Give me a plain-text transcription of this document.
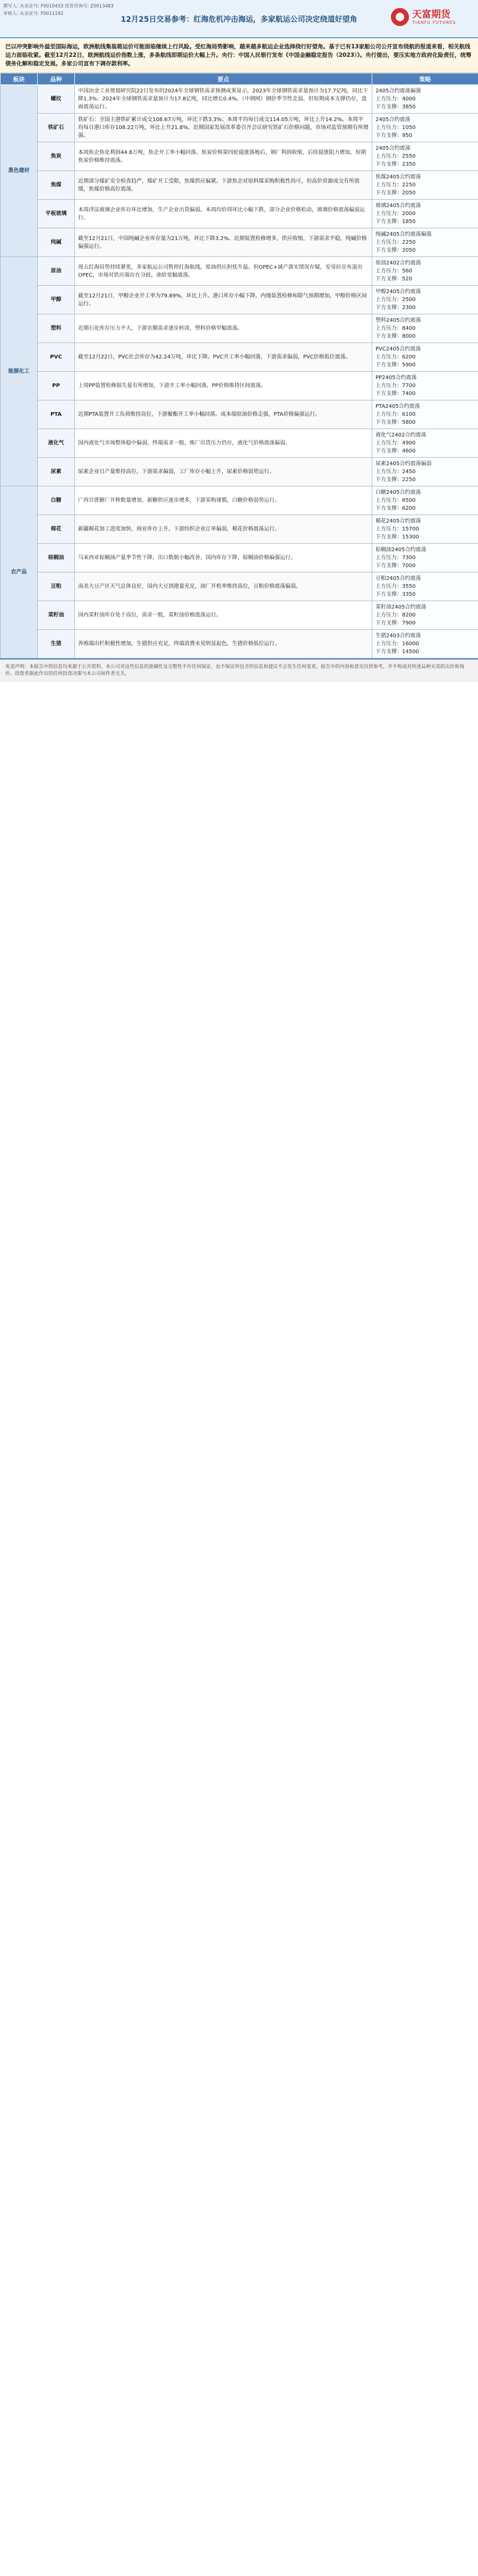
撰写人: 从业证号: F0010433 投资咨询号: Z0013483
审核人: 从业证号: F0011192
12月25日交易参考：红海危机冲击海运，多家航运公司决定绕道好望角	天富期货
TIANFU FUTURES
巴以冲突影响外溢至国际海运，欧洲航线集装箱运价可能面临继续上行风险。受红海局势影响，越来越多航运企业选择绕行好望角。基于已有13家船公司公开宣布绕航的报道来看，相关航线运力面临收紧。截至12月22日，欧洲航线运价指数上涨，多条航线即期运价大幅上升。央行：中国人民银行发布《中国金融稳定报告（2023）》。央行提出，要压实地方政府化险责任，统筹债务化解和稳定发展。多家公司宣布下调存款利率。
板块	品种	要点	策略
黑色建材	螺纹	中国冶金工业规划研究院22日发布的2024年全球钢铁需求预测成果显示，2023年全球钢铁需求量预计为17.7亿吨，同比下降1.3%；2024年全球钢铁需求量预计为17.8亿吨，同比增长0.4%。（中钢网）钢价季节性走弱，但短期成本支撑仍存，盘面震荡运行。	2405合约震荡偏强
上方压力：4000
下方支撑：3850
	铁矿石	铁矿石：全国主港铁矿累计成交108.67万吨，环比下跌3.3%；本周平均每日成交114.05万吨，环比上升14.2%。本周平均每日港口库存108.22万吨，环比上升21.8%。近期国家发展改革委召开会议研究铁矿石价格问题，市场对监管预期有所增强。	2405合约震荡
上方压力：1050
下方支撑：950
	焦炭	本周焦企焦化利润44.8万吨，焦企开工率小幅回落。焦炭价格第四轮提涨落地后，钢厂利润收缩，后续提涨阻力增加，短期焦炭价格维持震荡。	2405合约震荡
上方压力：2550
下方支撑：2350
	焦煤	近期部分煤矿安全检查趋严，煤矿开工受限，焦煤供应偏紧。下游焦企对原料煤采购积极性尚可，但高价资源成交有所放缓，焦煤价格高位震荡。	焦煤2405合约震荡
上方压力：2250
下方支撑：2050
	平板玻璃	本周浮法玻璃企业库存环比增加，生产企业出货偏弱。本周均价周环比小幅下跌，部分企业价格松动，玻璃价格震荡偏弱运行。	玻璃2405合约震荡
上方压力：2000
下方支撑：1850
	纯碱	截至12月21日，中国纯碱企业库存量为21万吨，环比下降3.2%。近期装置检修增多，供应收缩，下游需求平稳，纯碱价格偏强运行。	纯碱2405合约震荡偏强
上方压力：2250
下方支撑：2050
能源化工	原油	周五红海局势持续紧张，多家航运公司暂停红海航线，原油供应担忧升温。但OPEC+减产落实情况存疑，安哥拉宣布退出OPEC，市场对供应端存在分歧，油价宽幅震荡。	原油2402合约震荡
上方压力：560
下方支撑：520
	甲醇	截至12月21日，甲醇企业开工率为79.89%，环比上升。港口库存小幅下降，内地装置检修和限气预期增加，甲醇价格区间运行。	甲醇2405合约震荡
上方压力：2500
下方支撑：2300
	塑料	近期石化库存压力不大，下游农膜需求逐步转淡，塑料价格窄幅震荡。	塑料2405合约震荡
上方压力：8400
下方支撑：8000
	PVC	截至12月22日，PVC社会库存为42.24万吨，环比下降。PVC开工率小幅回落，下游需求偏弱，PVC价格低位震荡。	PVC2405合约震荡
上方压力：6200
下方支撑：5900
	PP	上周PP装置检修损失量有所增加，下游开工率小幅回落，PP价格维持区间震荡。	PP2405合约震荡
上方压力：7700
下方支撑：7400
	PTA	近期PTA装置开工负荷维持高位，下游聚酯开工率小幅回落。成本端原油价格走强，PTA价格偏强运行。	PTA2405合约震荡
上方压力：6100
下方支撑：5800
	液化气	国内液化气市场整体稳中偏弱，终端需求一般，炼厂出货压力仍存，液化气价格震荡偏弱。	液化气2402合约震荡
上方压力：4900
下方支撑：4600
	尿素	尿素企业日产量维持高位，下游需求偏弱，工厂库存小幅上升，尿素价格弱势运行。	尿素2405合约震荡偏弱
上方压力：2450
下方支撑：2250
农产品	白糖	广西甘蔗糖厂开榨数量增加，新糖供应逐步增多，下游采购谨慎，白糖价格弱势运行。	白糖2405合约震荡
上方压力：6500
下方支撑：6200
	棉花	新疆棉花加工进度加快，商业库存上升，下游纺织企业订单偏弱，棉花价格震荡运行。	棉花2405合约震荡
上方压力：15700
下方支撑：15300
	棕榈油	马来西亚棕榈油产量季节性下降，出口数据小幅改善，国内库存下降，棕榈油价格偏强运行。	棕榈油2405合约震荡
上方压力：7300
下方支撑：7000
	豆粕	南美大豆产区天气总体良好，国内大豆到港量充足，油厂开机率维持高位，豆粕价格震荡偏弱。	豆粕2405合约震荡
上方压力：3550
下方支撑：3350
	菜籽油	国内菜籽油库存处于高位，需求一般，菜籽油价格震荡运行。	菜籽油2405合约震荡
上方压力：8200
下方支撑：7900
	生猪	养殖端出栏积极性增加，生猪供应充足，终端消费未见明显起色，生猪价格低位运行。	生猪2403合约震荡
上方压力：16000
下方支撑：14500
免责声明：本报告中的信息均来源于公开资料，本公司对这些信息的准确性及完整性不作任何保证，也不保证所包含的信息和建议不会发生任何变更。报告中的内容和意见仅供参考，并不构成对所述品种买卖的出价和询价。投资者据此作出的任何投资决策与本公司和作者无关。
